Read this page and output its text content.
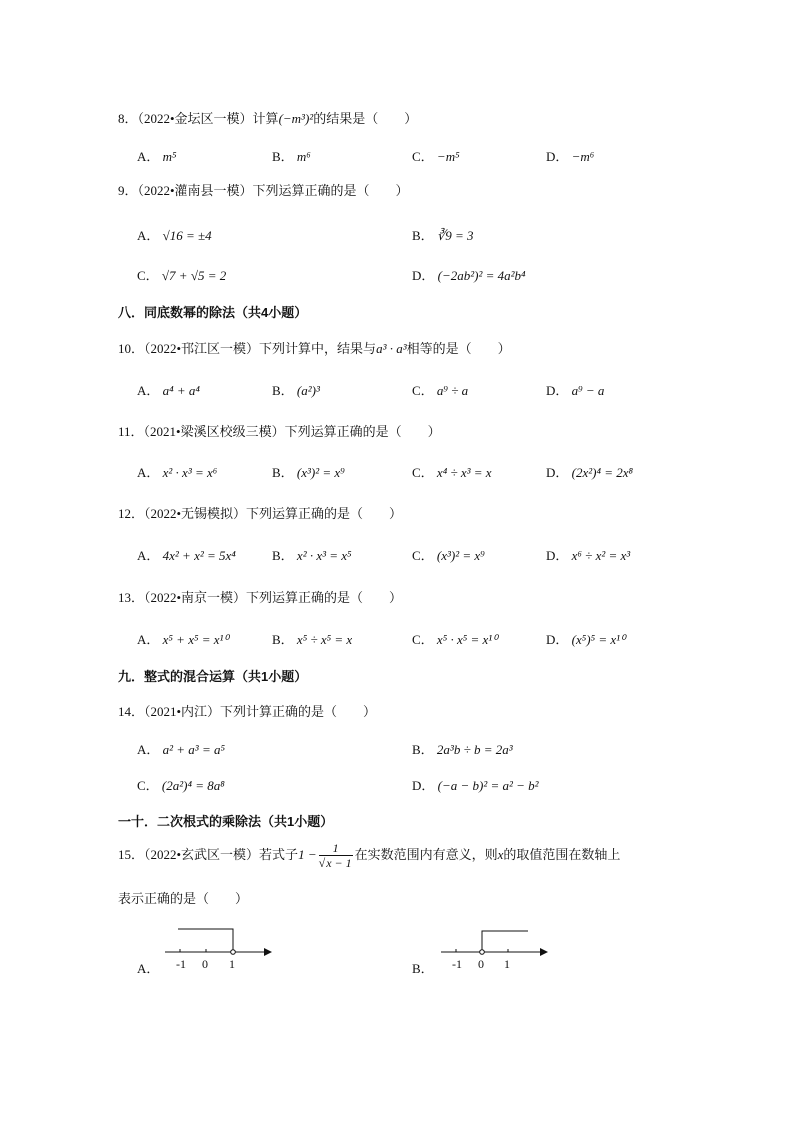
8．（2022•金坛区一模）计算(−m³)²的结果是（　　）
A． m⁵	B． m⁶	C． −m⁵	D． −m⁶
9．（2022•灌南县一模）下列运算正确的是（　　）
A． √16 = ±4	B． ∛9 = 3
C． √7 + √5 = 2	D． (−2ab²)² = 4a²b⁴
八．同底数幂的除法（共4小题）
10．（2022•邗江区一模）下列计算中，结果与a³ · a³相等的是（　　）
A． a⁴ + a⁴	B． (a²)³	C． a⁹ ÷ a	D． a⁹ − a
11．（2021•梁溪区校级三模）下列运算正确的是（　　）
A． x² · x³ = x⁶	B． (x³)² = x⁹	C． x⁴ ÷ x³ = x	D． (2x²)⁴ = 2x⁸
12．（2022•无锡模拟）下列运算正确的是（　　）
A． 4x² + x² = 5x⁴	B． x² · x³ = x⁵	C． (x³)² = x⁹	D． x⁶ ÷ x² = x³
13．（2022•南京一模）下列运算正确的是（　　）
A． x⁵ + x⁵ = x¹⁰	B． x⁵ ÷ x⁵ = x	C． x⁵ · x⁵ = x¹⁰	D． (x⁵)⁵ = x¹⁰
九．整式的混合运算（共1小题）
14．（2021•内江）下列计算正确的是（　　）
A． a² + a³ = a⁵	B． 2a³b ÷ b = 2a³
C． (2a²)⁴ = 8a⁸	D． (−a − b)² = a² − b²
一十．二次根式的乘除法（共1小题）
15．（2022•玄武区一模）若式子$1 - \frac{1}{√x - 1}$ 在实数范围内有意义，则x的取值范围在数轴上
表示正确的是（　　）
A． -1 0 1	B． -1 0 1
